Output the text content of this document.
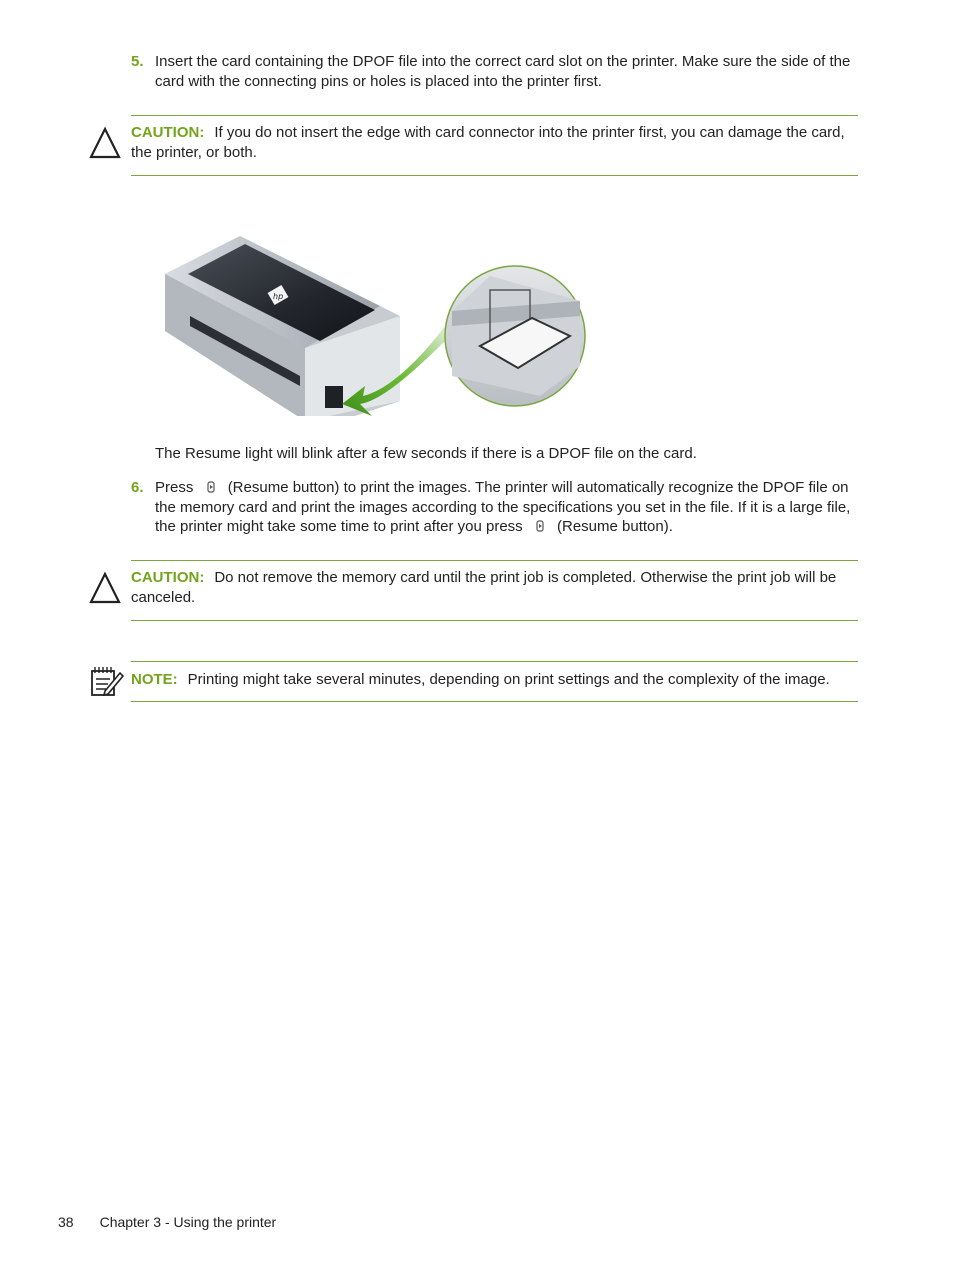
5. Insert the card containing the DPOF file into the correct card slot on the printer. Make sure the side of the card with the connecting pins or holes is placed into the printer first.
CAUTION: If you do not insert the edge with card connector into the printer first, you can damage the card, the printer, or both.
hp
The Resume light will blink after a few seconds if there is a DPOF file on the card.
6. Press (Resume button) to print the images. The printer will automatically recognize the DPOF file on the memory card and print the images according to the specifications you set in the file. If it is a large file, the printer might take some time to print after you press (Resume button).
CAUTION: Do not remove the memory card until the print job is completed. Otherwise the print job will be canceled.
NOTE: Printing might take several minutes, depending on print settings and the complexity of the image.
38 Chapter 3 - Using the printer
